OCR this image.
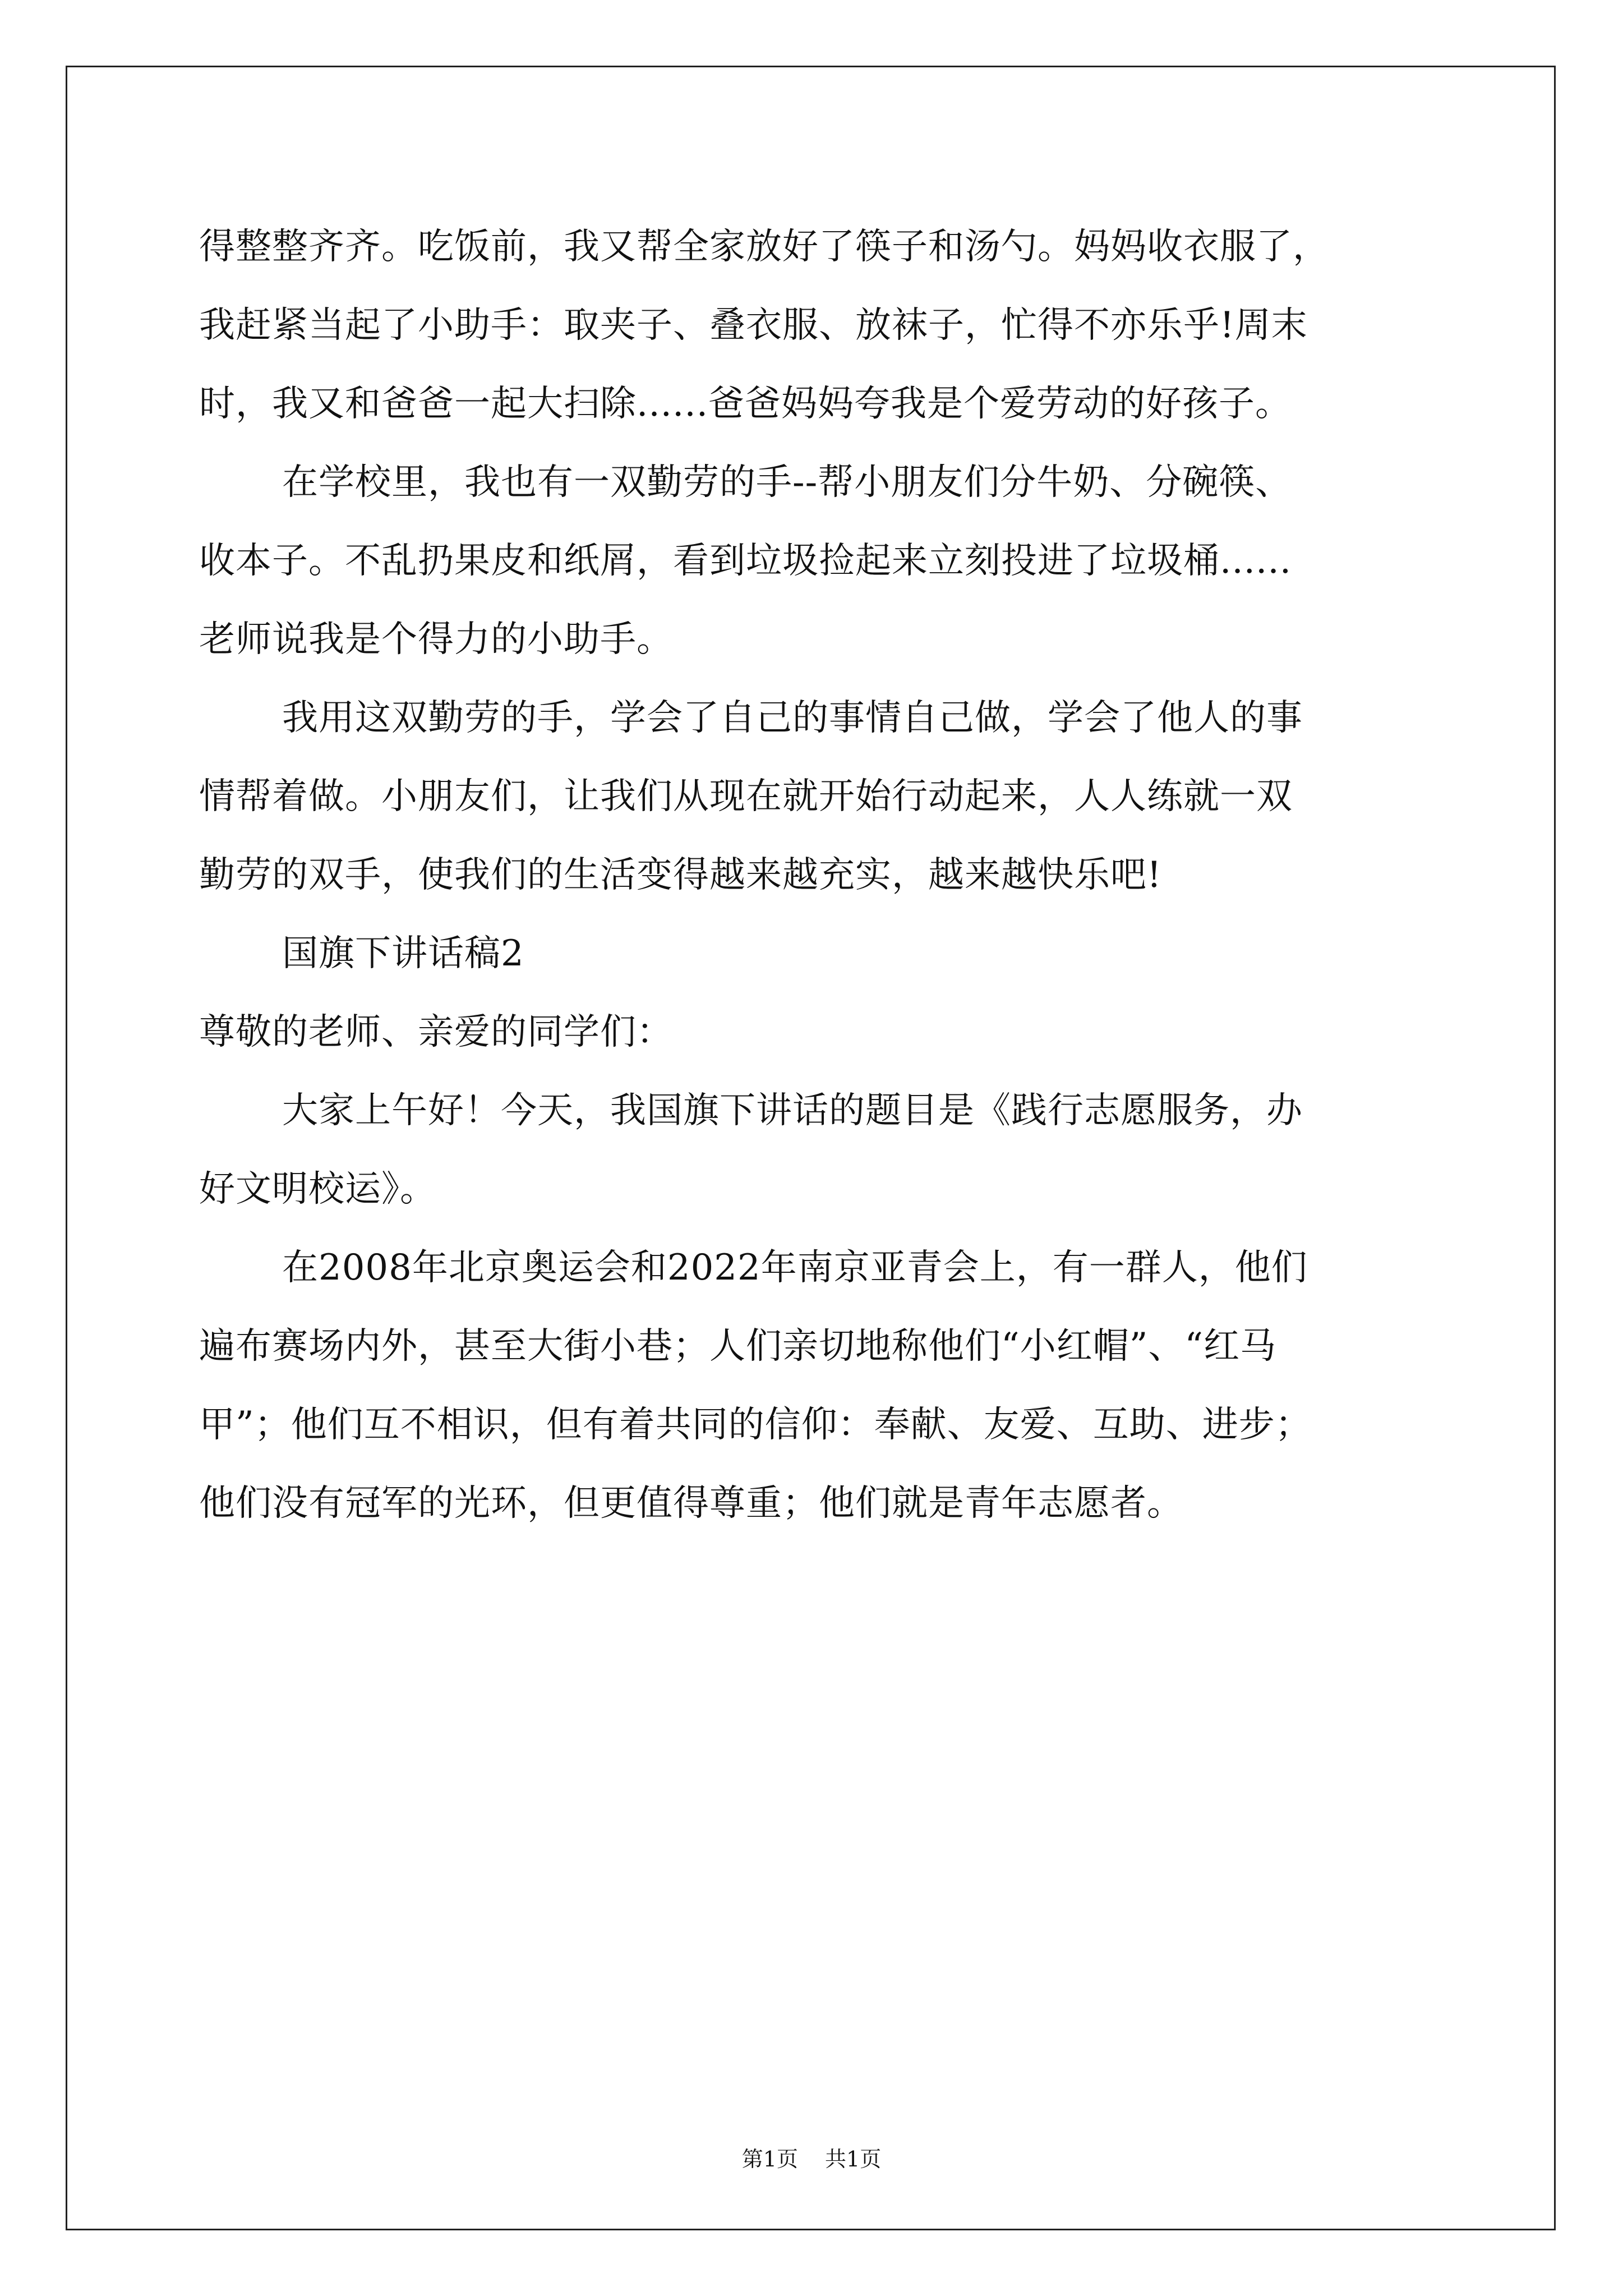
得整整齐齐。吃饭前，我又帮全家放好了筷子和汤勺。妈妈收衣服了，
我赶紧当起了小助手：取夹子、叠衣服、放袜子，忙得不亦乐乎!周末
时，我又和爸爸一起大扫除......爸爸妈妈夸我是个爱劳动的好孩子。
在学校里，我也有一双勤劳的手--帮小朋友们分牛奶、分碗筷、
收本子。不乱扔果皮和纸屑，看到垃圾捡起来立刻投进了垃圾桶......
老师说我是个得力的小助手。
我用这双勤劳的手，学会了自己的事情自己做，学会了他人的事
情帮着做。小朋友们，让我们从现在就开始行动起来，人人练就一双
勤劳的双手，使我们的生活变得越来越充实，越来越快乐吧!
国旗下讲话稿2
尊敬的老师、亲爱的同学们：
大家上午好！今天，我国旗下讲话的题目是《践行志愿服务，办
好文明校运》。
在2008年北京奥运会和2022年南京亚青会上，有一群人，他们
遍布赛场内外，甚至大街小巷；人们亲切地称他们“小红帽”、“红马
甲”；他们互不相识，但有着共同的信仰：奉献、友爱、互助、进步；
他们没有冠军的光环，但更值得尊重；他们就是青年志愿者。
第1页 共1页
